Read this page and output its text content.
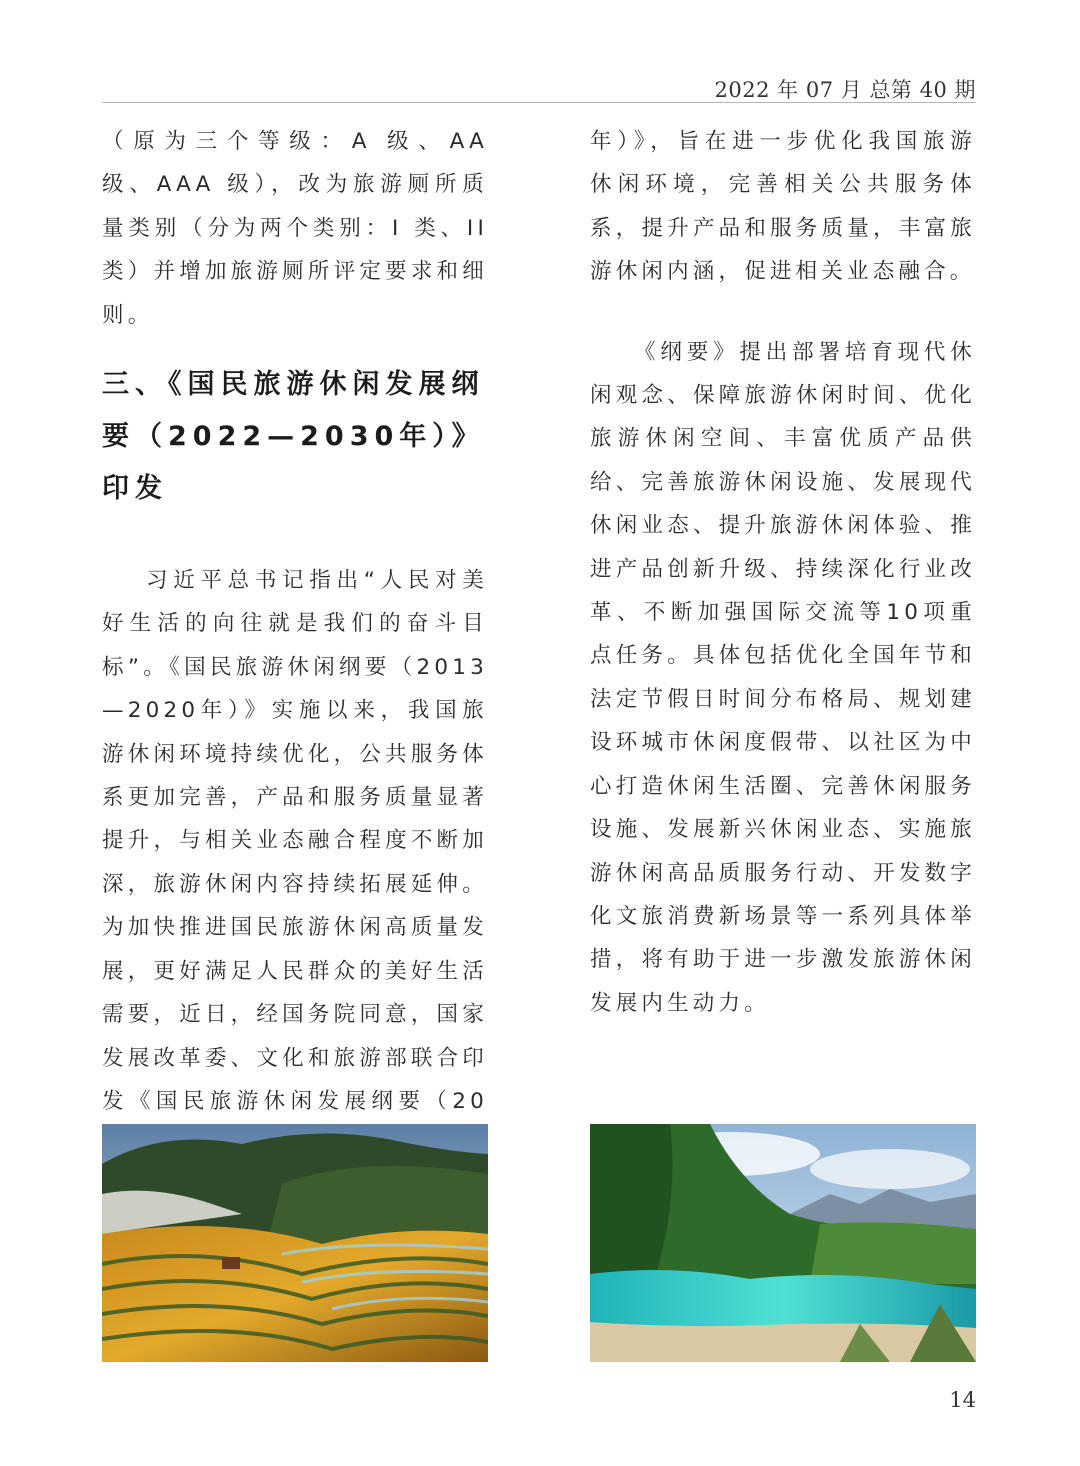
2022 年 07 月 总第 40 期

（原为三个等级：A 级、AA 级、AAA 级），改为旅游厕所质量类别（分为两个类别：I 类、II 类）并增加旅游厕所评定要求和细则。

三、《国民旅游休闲发展纲要（2022—2030年）》印发

习近平总书记指出“人民对美好生活的向往就是我们的奋斗目标”。《国民旅游休闲纲要（2013—2020年）》实施以来，我国旅游休闲环境持续优化，公共服务体系更加完善，产品和服务质量显著提升，与相关业态融合程度不断加深，旅游休闲内容持续拓展延伸。为加快推进国民旅游休闲高质量发展，更好满足人民群众的美好生活需要，近日，经国务院同意，国家发展改革委、文化和旅游部联合印发《国民旅游休闲发展纲要（20

年）》，旨在进一步优化我国旅游休闲环境，完善相关公共服务体系，提升产品和服务质量，丰富旅游休闲内涵，促进相关业态融合。

《纲要》提出部署培育现代休闲观念、保障旅游休闲时间、优化旅游休闲空间、丰富优质产品供给、完善旅游休闲设施、发展现代休闲业态、提升旅游休闲体验、推进产品创新升级、持续深化行业改革、不断加强国际交流等10项重点任务。具体包括优化全国年节和法定节假日时间分布格局、规划建设环城市休闲度假带、以社区为中心打造休闲生活圈、完善休闲服务设施、发展新兴休闲业态、实施旅游休闲高品质服务行动、开发数字化文旅消费新场景等一系列具体举措，将有助于进一步激发旅游休闲发展内生动力。

14
